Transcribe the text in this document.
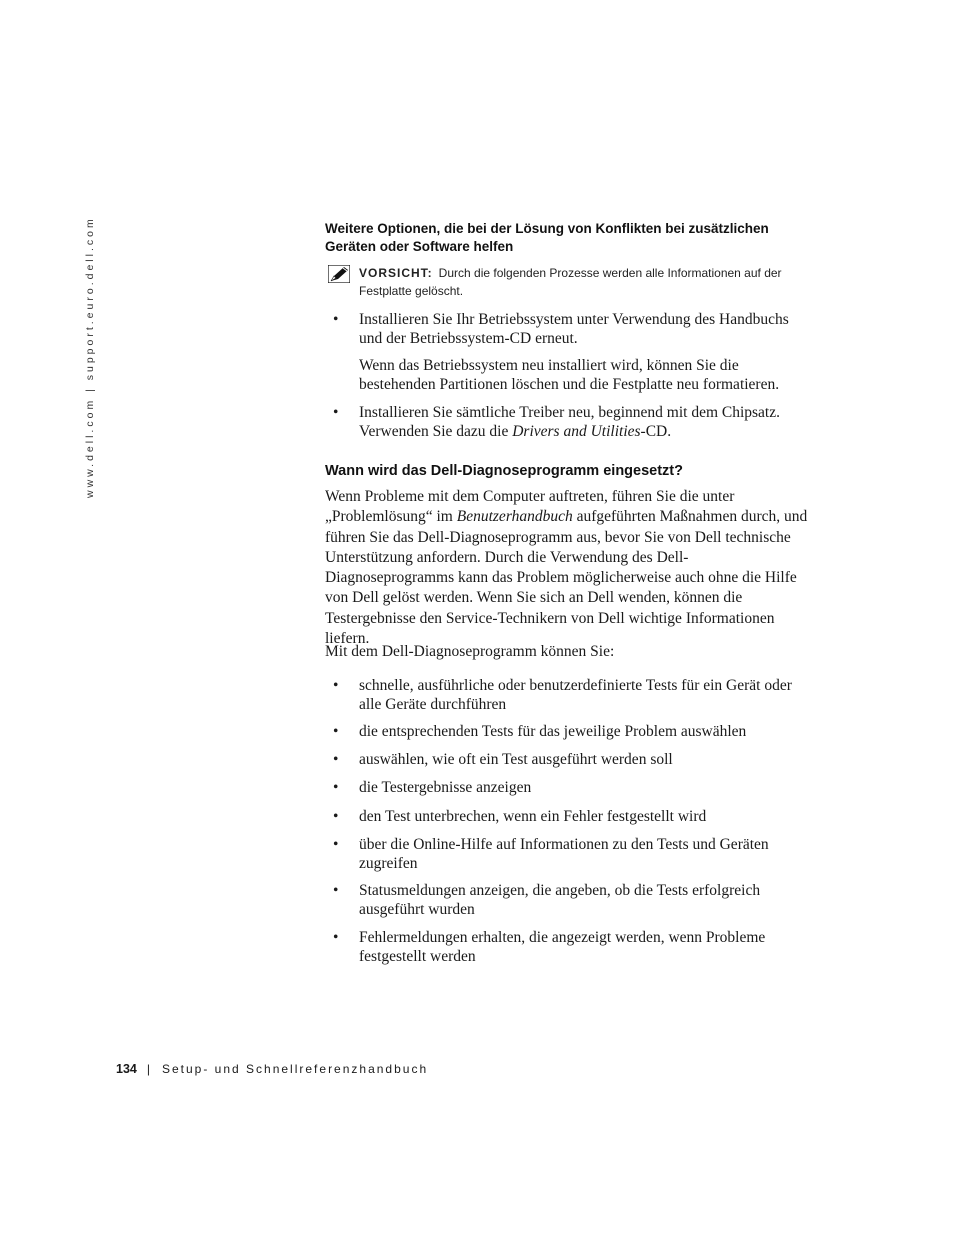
www.dell.com | support.euro.dell.com	Weitere Optionen, die bei der Lösung von Konflikten bei zusätzlichen Geräten oder Software helfen
VORSICHT: Durch die folgenden Prozesse werden alle Informationen auf der Festplatte gelöscht.
• Installieren Sie Ihr Betriebssystem unter Verwendung des Handbuchs und der Betriebssystem-CD erneut.
Wenn das Betriebssystem neu installiert wird, können Sie die bestehenden Partitionen löschen und die Festplatte neu formatieren.
• Installieren Sie sämtliche Treiber neu, beginnend mit dem Chipsatz. Verwenden Sie dazu die Drivers and Utilities-CD.
Wann wird das Dell-Diagnoseprogramm eingesetzt?
Wenn Probleme mit dem Computer auftreten, führen Sie die unter „Problemlösung“ im Benutzerhandbuch aufgeführten Maßnahmen durch, und führen Sie das Dell-Diagnoseprogramm aus, bevor Sie von Dell technische Unterstützung anfordern. Durch die Verwendung des Dell-Diagnoseprogramms kann das Problem möglicherweise auch ohne die Hilfe von Dell gelöst werden. Wenn Sie sich an Dell wenden, können die Testergebnisse den Service-Technikern von Dell wichtige Informationen liefern.
Mit dem Dell-Diagnoseprogramm können Sie:
• schnelle, ausführliche oder benutzerdefinierte Tests für ein Gerät oder alle Geräte durchführen
• die entsprechenden Tests für das jeweilige Problem auswählen
• auswählen, wie oft ein Test ausgeführt werden soll
• die Testergebnisse anzeigen
• den Test unterbrechen, wenn ein Fehler festgestellt wird
• über die Online-Hilfe auf Informationen zu den Tests und Geräten zugreifen
• Statusmeldungen anzeigen, die angeben, ob die Tests erfolgreich ausgeführt wurden
• Fehlermeldungen erhalten, die angezeigt werden, wenn Probleme festgestellt werden
134 | Setup- und Schnellreferenzhandbuch
